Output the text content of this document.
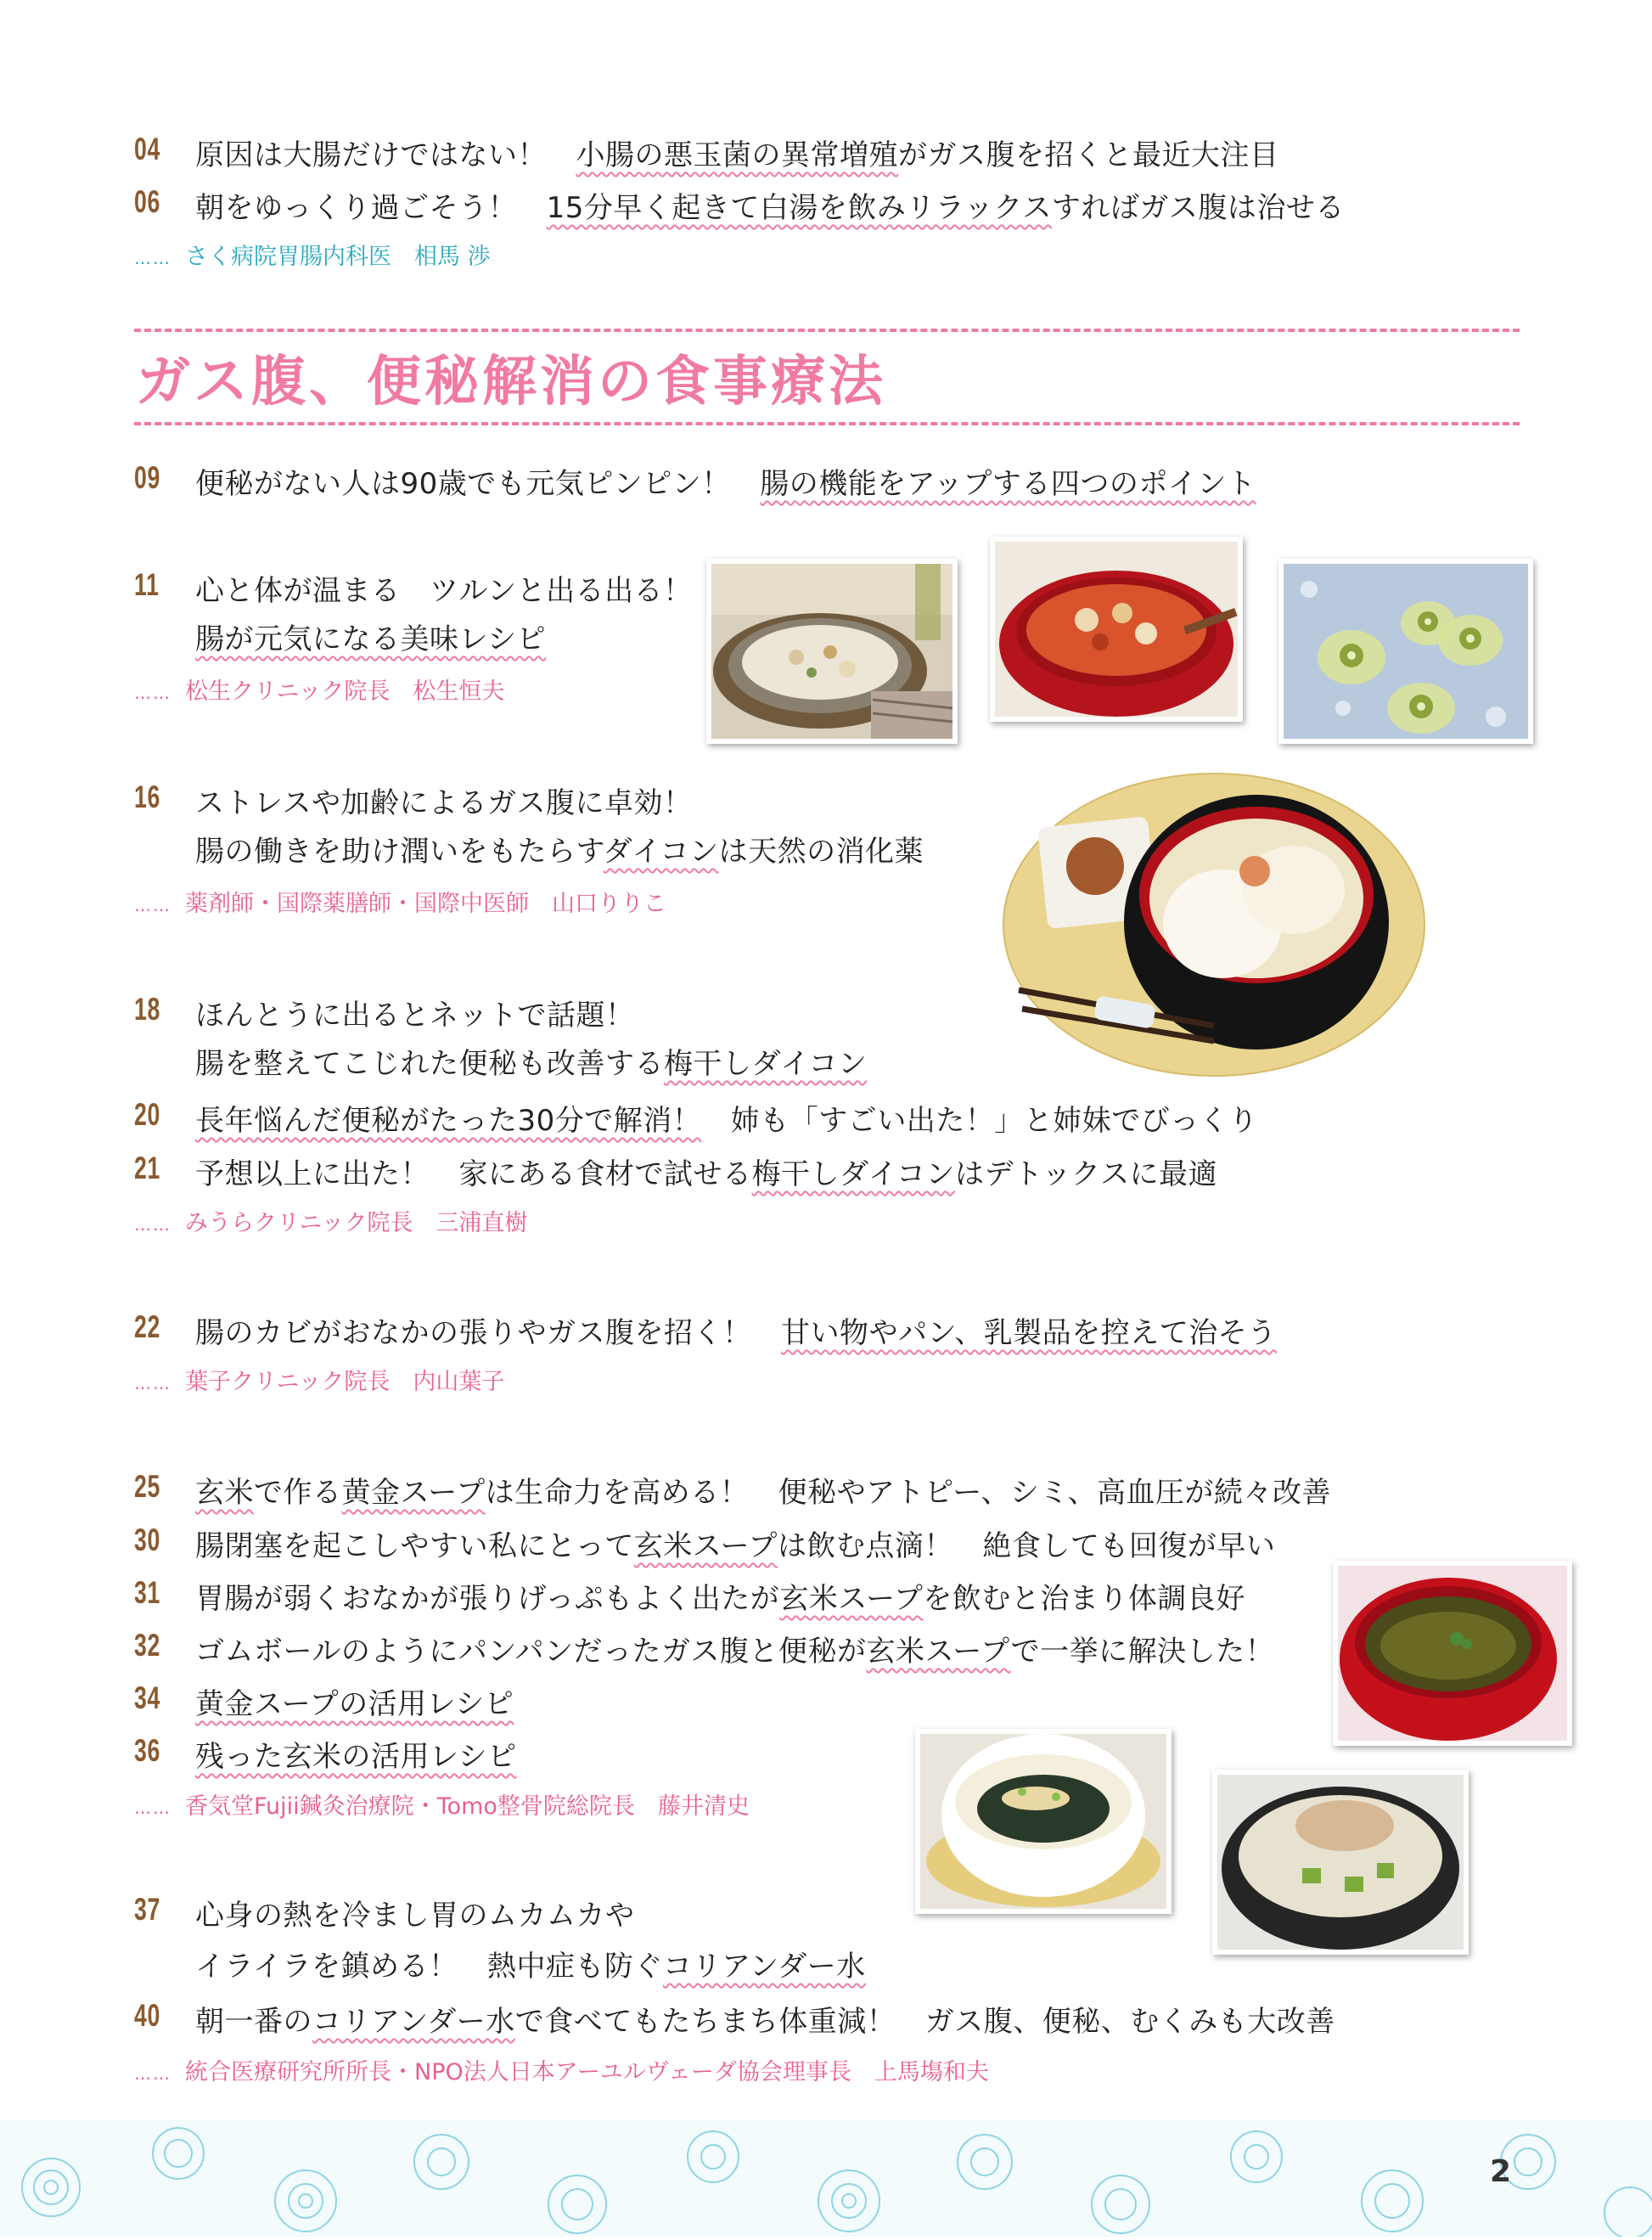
04	原因は大腸だけではない！　小腸の悪玉菌の異常増殖がガス腹を招くと最近大注目
06	朝をゆっくり過ごそう！　15分早く起きて白湯を飲みリラックスすればガス腹は治せる
…… さく病院胃腸内科医　相馬 渉
ガス腹、便秘解消の食事療法
09	便秘がない人は90歳でも元気ピンピン！　腸の機能をアップする四つのポイント
11	心と体が温まる　ツルンと出る出る！
腸が元気になる美味レシピ
…… 松生クリニック院長　松生恒夫
16	ストレスや加齢によるガス腹に卓効！
腸の働きを助け潤いをもたらすダイコンは天然の消化薬
…… 薬剤師・国際薬膳師・国際中医師　山口りりこ
18	ほんとうに出るとネットで話題！
腸を整えてこじれた便秘も改善する梅干しダイコン
20	長年悩んだ便秘がたった30分で解消！　姉も「すごい出た！」と姉妹でびっくり
21	予想以上に出た！　家にある食材で試せる梅干しダイコンはデトックスに最適
…… みうらクリニック院長　三浦直樹
22	腸のカビがおなかの張りやガス腹を招く！　甘い物やパン、乳製品を控えて治そう
…… 葉子クリニック院長　内山葉子
25	玄米で作る黄金スープは生命力を高める！　便秘やアトピー、シミ、高血圧が続々改善
30	腸閉塞を起こしやすい私にとって玄米スープは飲む点滴！　絶食しても回復が早い
31	胃腸が弱くおなかが張りげっぷもよく出たが玄米スープを飲むと治まり体調良好
32	ゴムボールのようにパンパンだったガス腹と便秘が玄米スープで一挙に解決した！
34	黄金スープの活用レシピ
36	残った玄米の活用レシピ
…… 香気堂Fujii鍼灸治療院・Tomo整骨院総院長　藤井清史
37	心身の熱を冷まし胃のムカムカや
イライラを鎮める！　熱中症も防ぐコリアンダー水
40	朝一番のコリアンダー水で食べてもたちまち体重減！　ガス腹、便秘、むくみも大改善
…… 統合医療研究所所長・NPO法人日本アーユルヴェーダ協会理事長　上馬塲和夫
2
